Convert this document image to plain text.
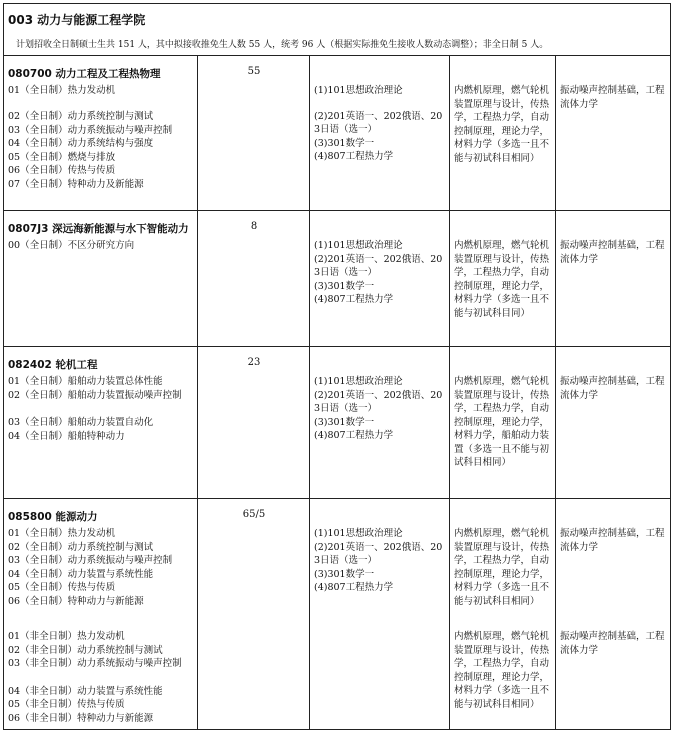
003 动力与能源工程学院
计划招收全日制硕士生共 151 人，其中拟接收推免生人数 55 人，统考 96 人（根据实际推免生接收人数动态调整）；非全日制 5 人。
080700 动力工程及工程热物理
01（全日制）热力发动机
02（全日制）动力系统控制与测试
03（全日制）动力系统振动与噪声控制
04（全日制）动力系统结构与强度
05（全日制）燃烧与排放
06（全日制）传热与传质
07（全日制）特种动力及新能源
55
(1)101思想政治理论
(2)201英语一、202俄语、203日语（选一）
(3)301数学一
(4)807工程热力学
内燃机原理，燃气轮机装置原理与设计，传热学，工程热力学，自动控制原理，理论力学，材料力学（多选一且不能与初试科目相同）
振动噪声控制基础，工程流体力学
0807J3 深远海新能源与水下智能动力
00（全日制）不区分研究方向
8
(1)101思想政治理论
(2)201英语一、202俄语、203日语（选一）
(3)301数学一
(4)807工程热力学
内燃机原理，燃气轮机装置原理与设计，传热学，工程热力学，自动控制原理，理论力学，材料力学（多选一且不能与初试科目同）
振动噪声控制基础，工程流体力学
082402 轮机工程
01（全日制）船舶动力装置总体性能
02（全日制）船舶动力装置振动噪声控制
03（全日制）船舶动力装置自动化
04（全日制）船舶特种动力
23
(1)101思想政治理论
(2)201英语一、202俄语、203日语（选一）
(3)301数学一
(4)807工程热力学
内燃机原理，燃气轮机装置原理与设计，传热学，工程热力学，自动控制原理，理论力学，材料力学，船舶动力装置（多选一且不能与初试科目相同）
振动噪声控制基础，工程流体力学
085800 能源动力
01（全日制）热力发动机
02（全日制）动力系统控制与测试
03（全日制）动力系统振动与噪声控制
04（全日制）动力装置与系统性能
05（全日制）传热与传质
06（全日制）特种动力与新能源
01（非全日制）热力发动机
02（非全日制）动力系统控制与测试
03（非全日制）动力系统振动与噪声控制
04（非全日制）动力装置与系统性能
05（非全日制）传热与传质
06（非全日制）特种动力与新能源
65/5
(1)101思想政治理论
(2)201英语一、202俄语、203日语（选一）
(3)301数学一
(4)807工程热力学
内燃机原理，燃气轮机装置原理与设计，传热学，工程热力学，自动控制原理，理论力学，材料力学（多选一且不能与初试科目相同）
内燃机原理，燃气轮机装置原理与设计，传热学，工程热力学，自动控制原理，理论力学，材料力学（多选一且不能与初试科目相同）
振动噪声控制基础，工程流体力学
振动噪声控制基础，工程流体力学
